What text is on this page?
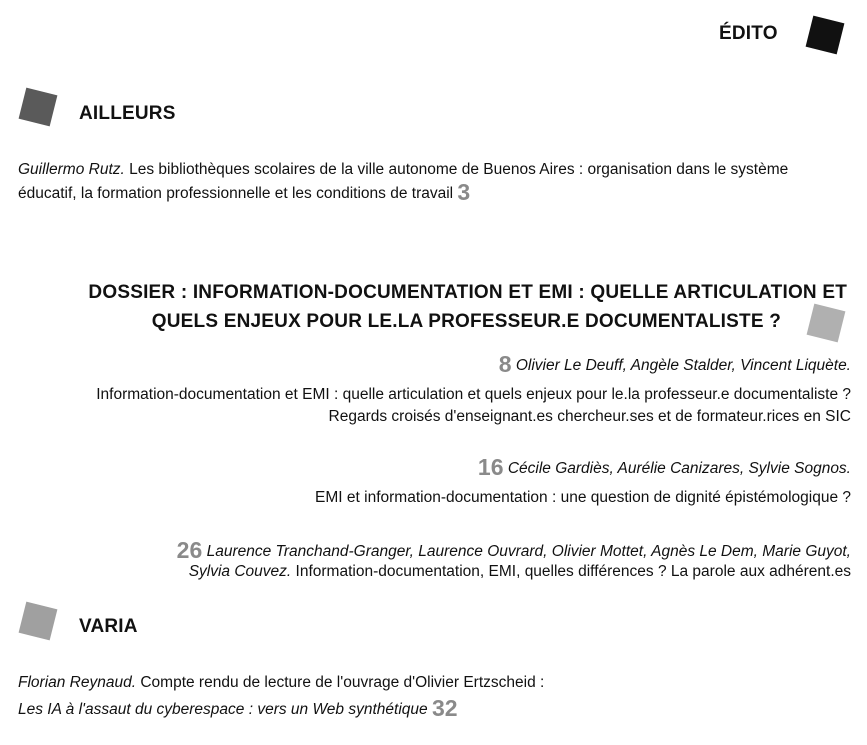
ÉDITO
AILLEURS
Guillermo Rutz. Les bibliothèques scolaires de la ville autonome de Buenos Aires : organisation dans le système
éducatif, la formation professionnelle et les conditions de travail 3
DOSSIER : INFORMATION-DOCUMENTATION ET EMI : QUELLE ARTICULATION ET
QUELS ENJEUX POUR LE.LA PROFESSEUR.E DOCUMENTALISTE ?
8 Olivier Le Deuff, Angèle Stalder, Vincent Liquète.
Information-documentation et EMI : quelle articulation et quels enjeux pour le.la professeur.e documentaliste ?
Regards croisés d'enseignant.es chercheur.ses et de formateur.rices en SIC
16 Cécile Gardiès, Aurélie Canizares, Sylvie Sognos.
EMI et information-documentation : une question de dignité épistémologique ?
26 Laurence Tranchand-Granger, Laurence Ouvrard, Olivier Mottet, Agnès Le Dem, Marie Guyot,
Sylvia Couvez. Information-documentation, EMI, quelles différences ? La parole aux adhérent.es
VARIA
Florian Reynaud. Compte rendu de lecture de l'ouvrage d'Olivier Ertzscheid :
Les IA à l'assaut du cyberespace : vers un Web synthétique 32
